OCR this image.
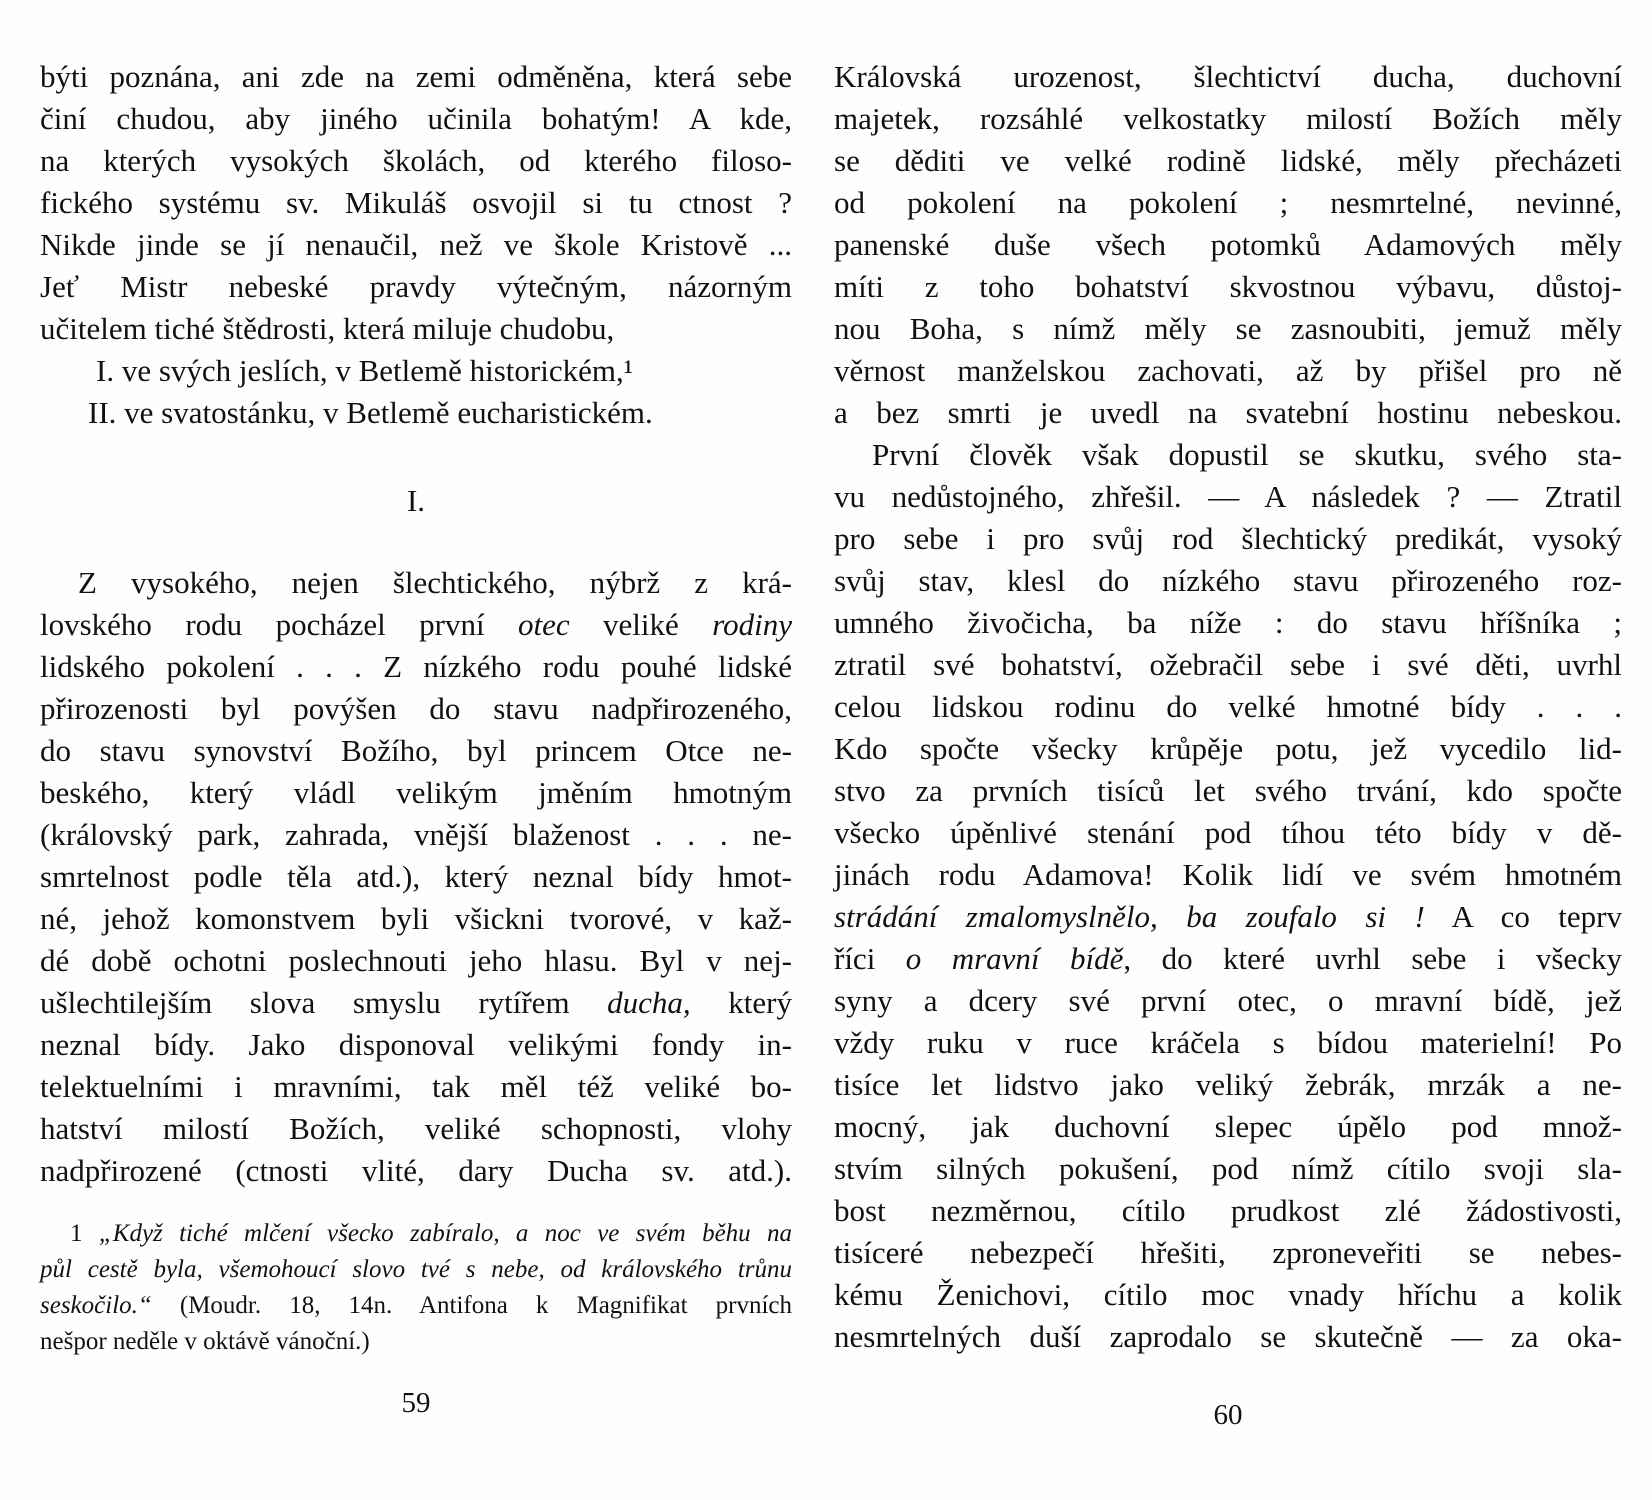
býti poznána, ani zde na zemi odměněna, která sebe
činí chudou, aby jiného učinila bohatým! A kde,
na kterých vysokých školách, od kterého filoso-
fického systému sv. Mikuláš osvojil si tu ctnost ?
Nikde jinde se jí nenaučil, než ve škole Kristově ...
Jeť Mistr nebeské pravdy výtečným, názorným
učitelem tiché štědrosti, která miluje chudobu,
I. ve svých jeslích, v Betlemě historickém,¹
II. ve svatostánku, v Betlemě eucharistickém.
I.
Z vysokého, nejen šlechtického, nýbrž z krá-
lovského rodu pocházel první otec veliké rodiny
lidského pokolení . . . Z nízkého rodu pouhé lidské
přirozenosti byl povýšen do stavu nadpřirozeného,
do stavu synovství Božího, byl princem Otce ne-
beského, který vládl velikým jměním hmotným
(královský park, zahrada, vnější blaženost . . . ne-
smrtelnost podle těla atd.), který neznal bídy hmot-
né, jehož komonstvem byli všickni tvorové, v kaž-
dé době ochotni poslechnouti jeho hlasu. Byl v nej-
ušlechtilejším slova smyslu rytířem ducha, který
neznal bídy. Jako disponoval velikými fondy in-
telektuelními i mravními, tak měl též veliké bo-
hatství milostí Božích, veliké schopnosti, vlohy
nadpřirozené (ctnosti vlité, dary Ducha sv. atd.).
1 „Když tiché mlčení všecko zabíralo, a noc ve svém běhu na
půl cestě byla, všemohoucí slovo tvé s nebe, od královského trůnu
seskočilo.“ (Moudr. 18, 14n. Antifona k Magnifikat prvních
nešpor neděle v oktávě vánoční.)
59
Královská urozenost, šlechtictví ducha, duchovní
majetek, rozsáhlé velkostatky milostí Božích měly
se děditi ve velké rodině lidské, měly přecházeti
od pokolení na pokolení ; nesmrtelné, nevinné,
panenské duše všech potomků Adamových měly
míti z toho bohatství skvostnou výbavu, důstoj-
nou Boha, s nímž měly se zasnoubiti, jemuž měly
věrnost manželskou zachovati, až by přišel pro ně
a bez smrti je uvedl na svatební hostinu nebeskou.
První člověk však dopustil se skutku, svého sta-
vu nedůstojného, zhřešil. — A následek ? — Ztratil
pro sebe i pro svůj rod šlechtický predikát, vysoký
svůj stav, klesl do nízkého stavu přirozeného roz-
umného živočicha, ba níže : do stavu hříšníka ;
ztratil své bohatství, ožebračil sebe i své děti, uvrhl
celou lidskou rodinu do velké hmotné bídy . . .
Kdo spočte všecky krůpěje potu, jež vycedilo lid-
stvo za prvních tisíců let svého trvání, kdo spočte
všecko úpěnlivé stenání pod tíhou této bídy v dě-
jinách rodu Adamova! Kolik lidí ve svém hmotném
strádání zmalomyslnělo, ba zoufalo si ! A co teprv
říci o mravní bídě, do které uvrhl sebe i všecky
syny a dcery své první otec, o mravní bídě, jež
vždy ruku v ruce kráčela s bídou materielní! Po
tisíce let lidstvo jako veliký žebrák, mrzák a ne-
mocný, jak duchovní slepec úpělo pod množ-
stvím silných pokušení, pod nímž cítilo svoji sla-
bost nezměrnou, cítilo prudkost zlé žádostivosti,
tisíceré nebezpečí hřešiti, zproneveřiti se nebes-
kému Ženichovi, cítilo moc vnady hříchu a kolik
nesmrtelných duší zaprodalo se skutečně — za oka-
60
